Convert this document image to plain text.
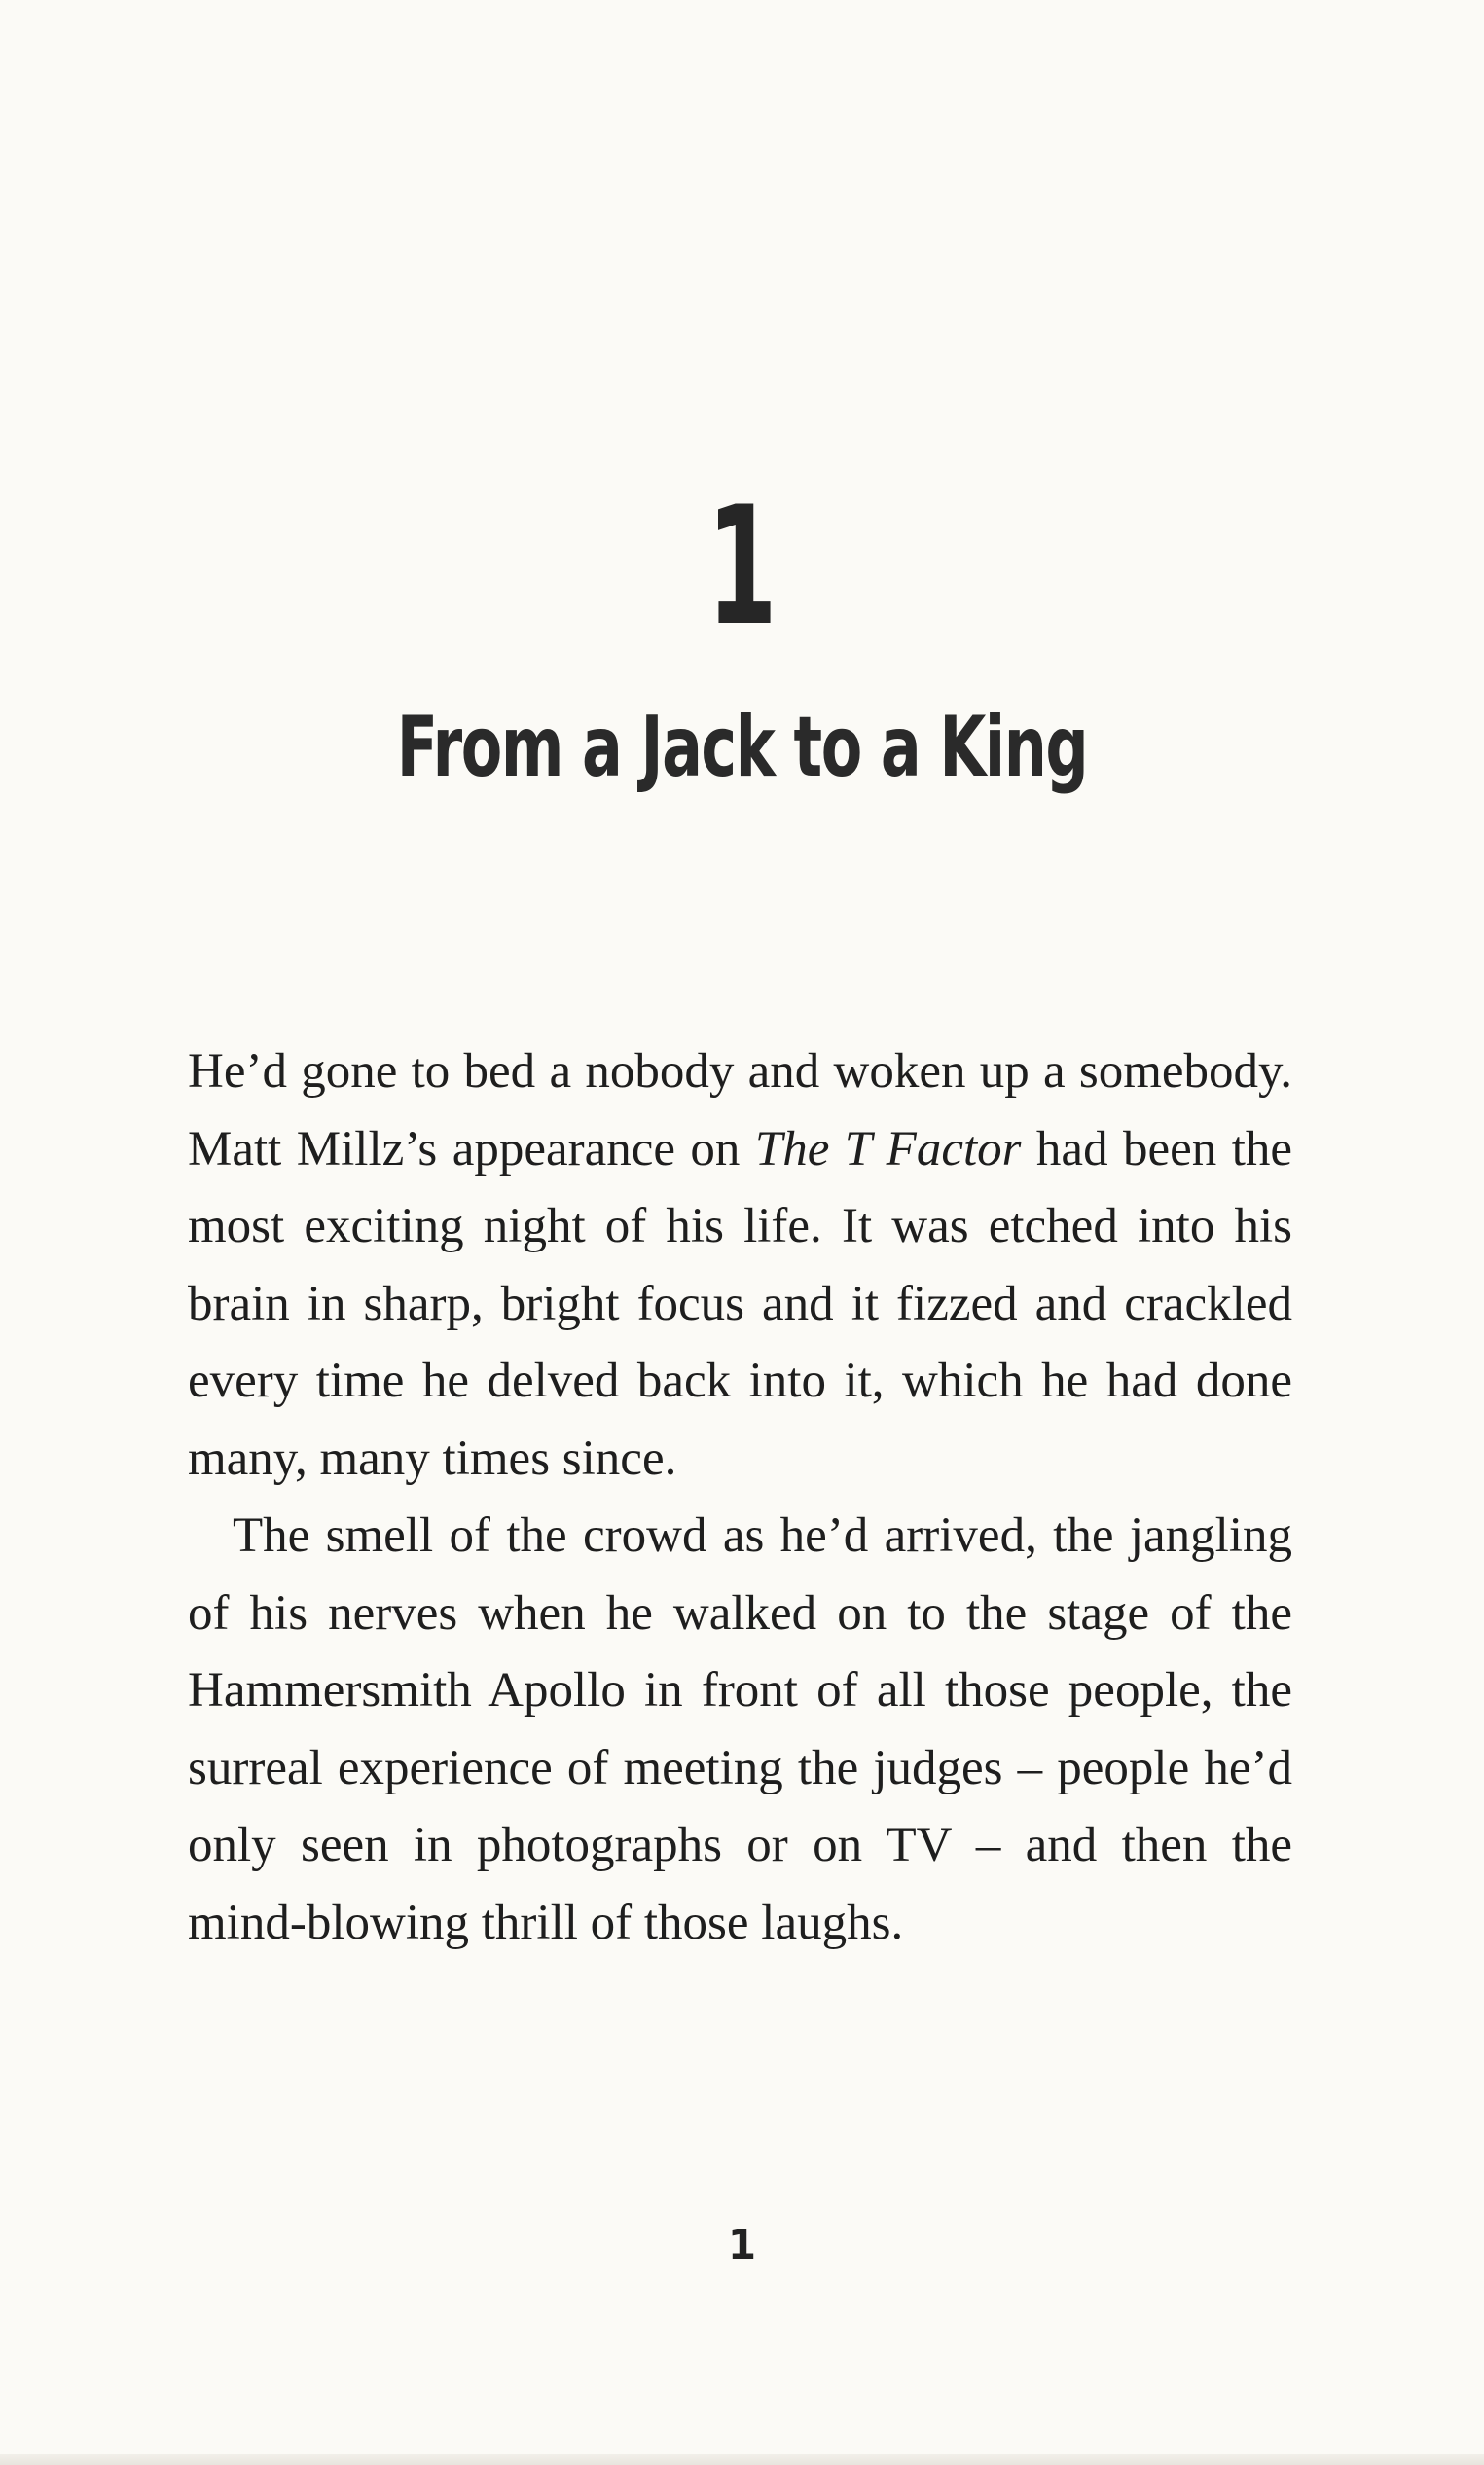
1
From a Jack to a King

He’d gone to bed a nobody and woken up a somebody. Matt Millz’s appearance on The T Factor had been the most exciting night of his life. It was etched into his brain in sharp, bright focus and it fizzed and crackled every time he delved back into it, which he had done many, many times since.

The smell of the crowd as he’d arrived, the jangling of his nerves when he walked on to the stage of the Hammersmith Apollo in front of all those people, the surreal experience of meeting the judges – people he’d only seen in photographs or on TV – and then the mind-blowing thrill of those laughs.

1
